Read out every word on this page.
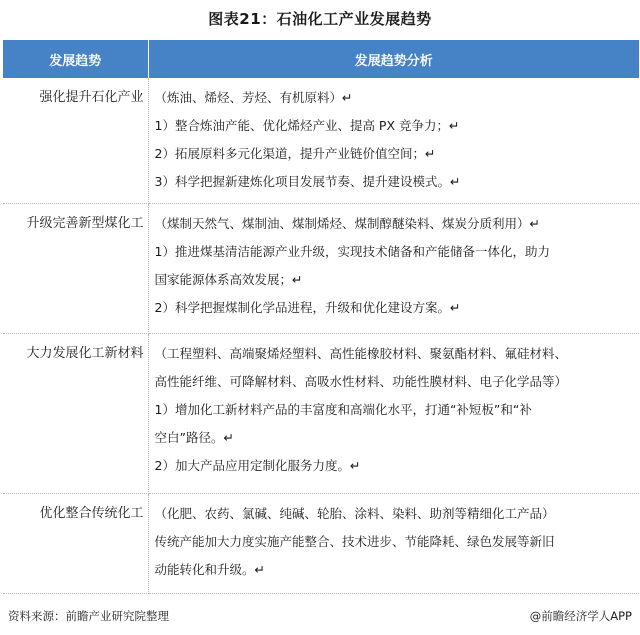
图表21：石油化工产业发展趋势
发展趋势	发展趋势分析
强化提升石化产业	（炼油、烯烃、芳烃、有机原料）↵
1）整合炼油产能、优化烯烃产业、提高 PX 竞争力；↵
2）拓展原料多元化渠道，提升产业链价值空间；↵
3）科学把握新建炼化项目发展节奏、提升建设模式。↵

升级完善新型煤化工	（煤制天然气、煤制油、煤制烯烃、煤制醇醚染料、煤炭分质利用）↵
1）推进煤基清洁能源产业升级，实现技术储备和产能储备一体化，助力
国家能源体系高效发展；↵
2）科学把握煤制化学品进程，升级和优化建设方案。↵

大力发展化工新材料	（工程塑料、高端聚烯烃塑料、高性能橡胶材料、聚氨酯材料、氟硅材料、
高性能纤维、可降解材料、高吸水性材料、功能性膜材料、电子化学品等）
1）增加化工新材料产品的丰富度和高端化水平，打通“补短板”和“补
空白”路径。↵
2）加大产品应用定制化服务力度。↵

优化整合传统化工	（化肥、农药、氯碱、纯碱、轮胎、涂料、染料、助剂等精细化工产品）
传统产能加大力度实施产能整合、技术进步、节能降耗、绿色发展等新旧
动能转化和升级。↵
资料来源：前瞻产业研究院整理	@前瞻经济学人APP
